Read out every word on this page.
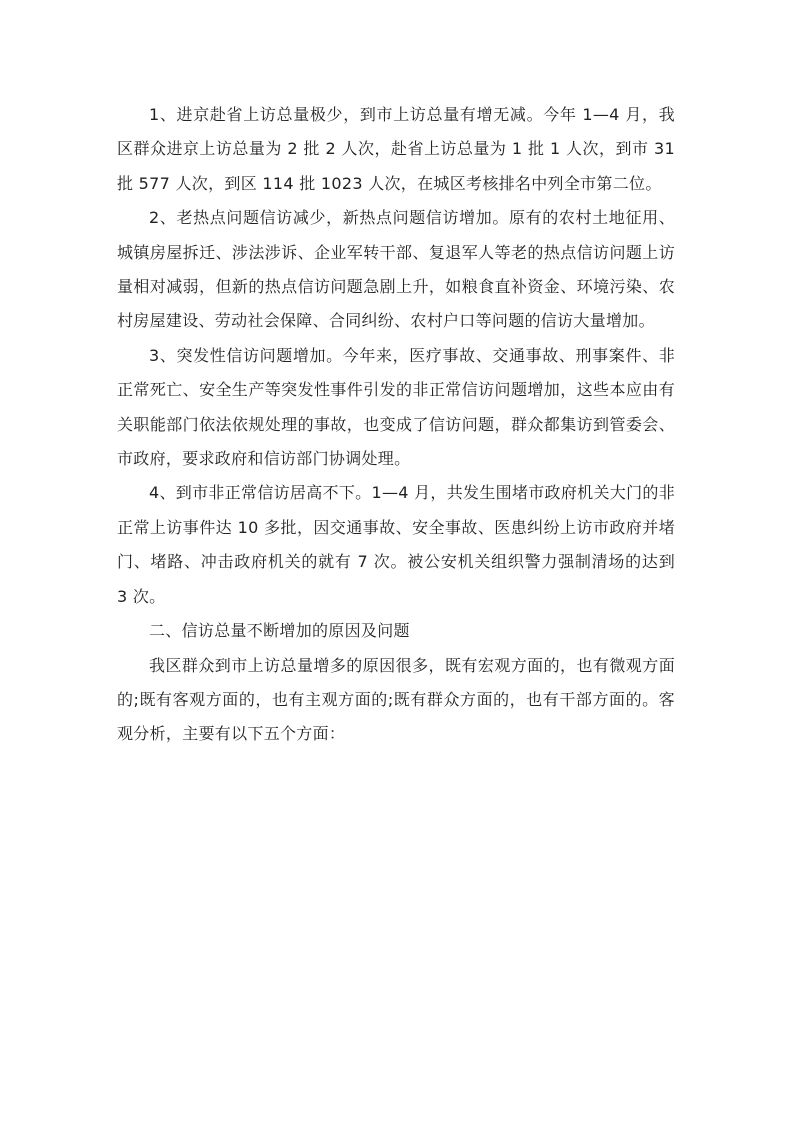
1、进京赴省上访总量极少，到市上访总量有增无减。今年 1—4 月，我区群众进京上访总量为 2 批 2 人次，赴省上访总量为 1 批 1 人次，到市 31 批 577 人次，到区 114 批 1023 人次，在城区考核排名中列全市第二位。

2、老热点问题信访减少，新热点问题信访增加。原有的农村土地征用、城镇房屋拆迁、涉法涉诉、企业军转干部、复退军人等老的热点信访问题上访量相对减弱，但新的热点信访问题急剧上升，如粮食直补资金、环境污染、农村房屋建设、劳动社会保障、合同纠纷、农村户口等问题的信访大量增加。

3、突发性信访问题增加。今年来，医疗事故、交通事故、刑事案件、非正常死亡、安全生产等突发性事件引发的非正常信访问题增加，这些本应由有关职能部门依法依规处理的事故，也变成了信访问题，群众都集访到管委会、市政府，要求政府和信访部门协调处理。

4、到市非正常信访居高不下。1—4 月，共发生围堵市政府机关大门的非正常上访事件达 10 多批，因交通事故、安全事故、医患纠纷上访市政府并堵门、堵路、冲击政府机关的就有 7 次。被公安机关组织警力强制清场的达到 3 次。

二、信访总量不断增加的原因及问题

我区群众到市上访总量增多的原因很多，既有宏观方面的，也有微观方面的;既有客观方面的，也有主观方面的;既有群众方面的，也有干部方面的。客观分析，主要有以下五个方面：
